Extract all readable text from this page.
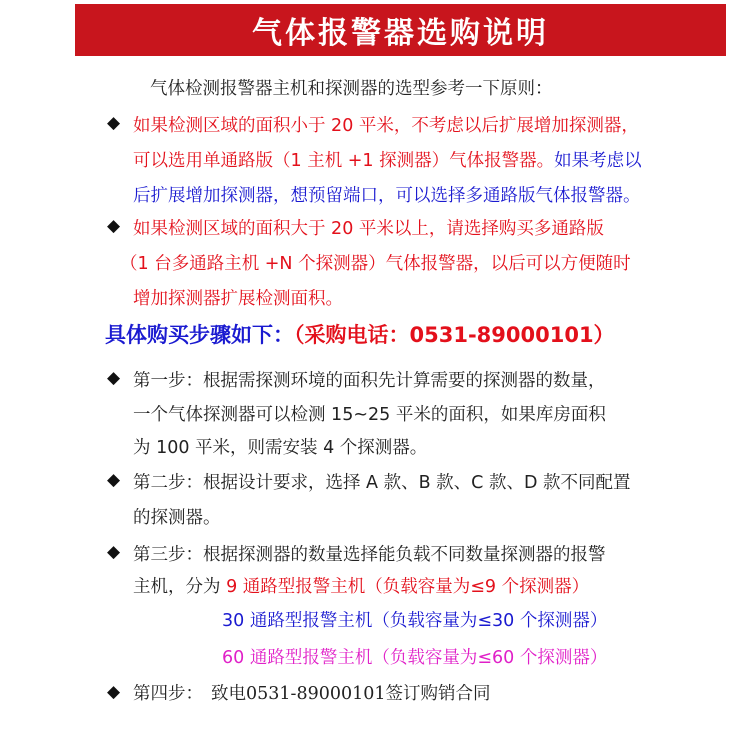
气体报警器选购说明
气体检测报警器主机和探测器的选型参考一下原则：
◆ 如果检测区域的面积小于 20 平米，不考虑以后扩展增加探测器，
可以选用单通路版（1 主机 +1 探测器）气体报警器。如果考虑以
后扩展增加探测器，想预留端口，可以选择多通路版气体报警器。
◆ 如果检测区域的面积大于 20 平米以上，请选择购买多通路版
（1 台多通路主机 +N 个探测器）气体报警器，以后可以方便随时
增加探测器扩展检测面积。
具体购买步骤如下：（采购电话：0531-89000101）
◆ 第一步：根据需探测环境的面积先计算需要的探测器的数量，
一个气体探测器可以检测 15~25 平米的面积，如果库房面积
为 100 平米，则需安装 4 个探测器。
◆ 第二步：根据设计要求，选择 A 款、B 款、C 款、D 款不同配置
的探测器。
◆ 第三步：根据探测器的数量选择能负载不同数量探测器的报警
主机，分为 9 通路型报警主机（负载容量为≤9 个探测器）
30 通路型报警主机（负载容量为≤30 个探测器）
60 通路型报警主机（负载容量为≤60 个探测器）
◆ 第四步： 致电0531-89000101签订购销合同
